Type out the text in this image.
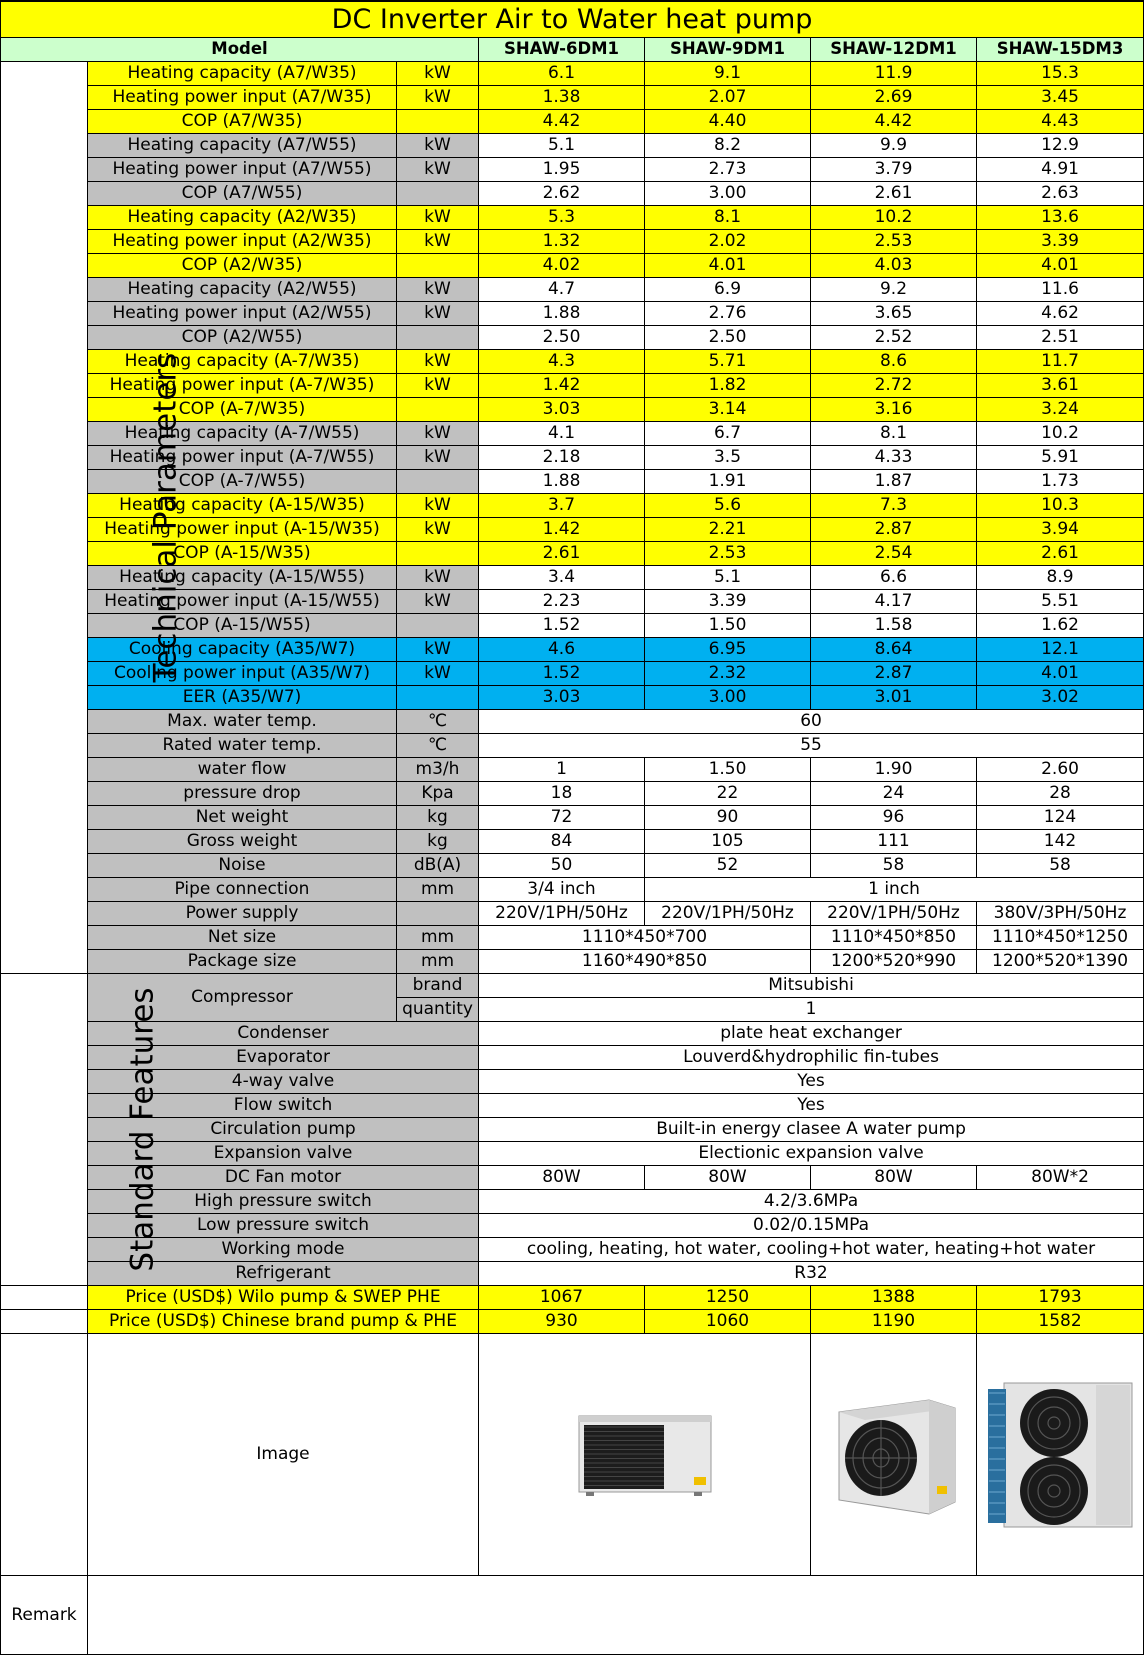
DC Inverter Air to Water heat pump						
Model			SHAW-6DM1	SHAW-9DM1	SHAW-12DM1	SHAW-15DM3
Technical Parameters	Heating capacity (A7/W35)	kW	6.1	9.1	11.9	15.3
	Heating power input (A7/W35)	kW	1.38	2.07	2.69	3.45
	COP (A7/W35)		4.42	4.40	4.42	4.43
	Heating capacity (A7/W55)	kW	5.1	8.2	9.9	12.9
	Heating power input (A7/W55)	kW	1.95	2.73	3.79	4.91
	COP (A7/W55)		2.62	3.00	2.61	2.63
	Heating capacity (A2/W35)	kW	5.3	8.1	10.2	13.6
	Heating power input (A2/W35)	kW	1.32	2.02	2.53	3.39
	COP (A2/W35)		4.02	4.01	4.03	4.01
	Heating capacity (A2/W55)	kW	4.7	6.9	9.2	11.6
	Heating power input (A2/W55)	kW	1.88	2.76	3.65	4.62
	COP (A2/W55)		2.50	2.50	2.52	2.51
	Heating capacity (A-7/W35)	kW	4.3	5.71	8.6	11.7
	Heating power input (A-7/W35)	kW	1.42	1.82	2.72	3.61
	COP (A-7/W35)		3.03	3.14	3.16	3.24
	Heating capacity (A-7/W55)	kW	4.1	6.7	8.1	10.2
	Heating power input (A-7/W55)	kW	2.18	3.5	4.33	5.91
	COP (A-7/W55)		1.88	1.91	1.87	1.73
	Heating capacity (A-15/W35)	kW	3.7	5.6	7.3	10.3
	Heating power input (A-15/W35)	kW	1.42	2.21	2.87	3.94
	COP (A-15/W35)		2.61	2.53	2.54	2.61
	Heating capacity (A-15/W55)	kW	3.4	5.1	6.6	8.9
	Heating power input (A-15/W55)	kW	2.23	3.39	4.17	5.51
	COP (A-15/W55)		1.52	1.50	1.58	1.62
	Cooling capacity (A35/W7)	kW	4.6	6.95	8.64	12.1
	Cooling power input (A35/W7)	kW	1.52	2.32	2.87	4.01
	EER (A35/W7)		3.03	3.00	3.01	3.02
	Max. water temp.	℃	60			
	Rated water temp.	℃	55			
	water flow	m3/h	1	1.50	1.90	2.60
	pressure drop	Kpa	18	22	24	28
	Net weight	kg	72	90	96	124
	Gross weight	kg	84	105	111	142
	Noise	dB(A)	50	52	58	58
	Pipe connection	mm	3/4 inch	1 inch		
	Power supply		220V/1PH/50Hz	220V/1PH/50Hz	220V/1PH/50Hz	380V/3PH/50Hz
	Net size	mm	1110*450*700		1110*450*850	1110*450*1250
	Package size	mm	1160*490*850		1200*520*990	1200*520*1390
Standard Features	Compressor	brand	Mitsubishi			
		quantity	1			
	Condenser		plate heat exchanger			
	Evaporator		Louverd&hydrophilic fin-tubes			
	4-way valve		Yes			
	Flow switch		Yes			
	Circulation pump		Built-in energy clasee A water pump			
	Expansion valve		Electionic expansion valve			
	DC Fan motor		80W	80W	80W	80W*2
	High pressure switch		4.2/3.6MPa			
	Low pressure switch		0.02/0.15MPa			
	Working mode		cooling, heating, hot water, cooling+hot water, heating+hot water			
	Refrigerant		R32			
	Price (USD$) Wilo pump & SWEP PHE		1067	1250	1388	1793
	Price (USD$) Chinese brand pump & PHE		930	1060	1190	1582
	Image	

Remark						
